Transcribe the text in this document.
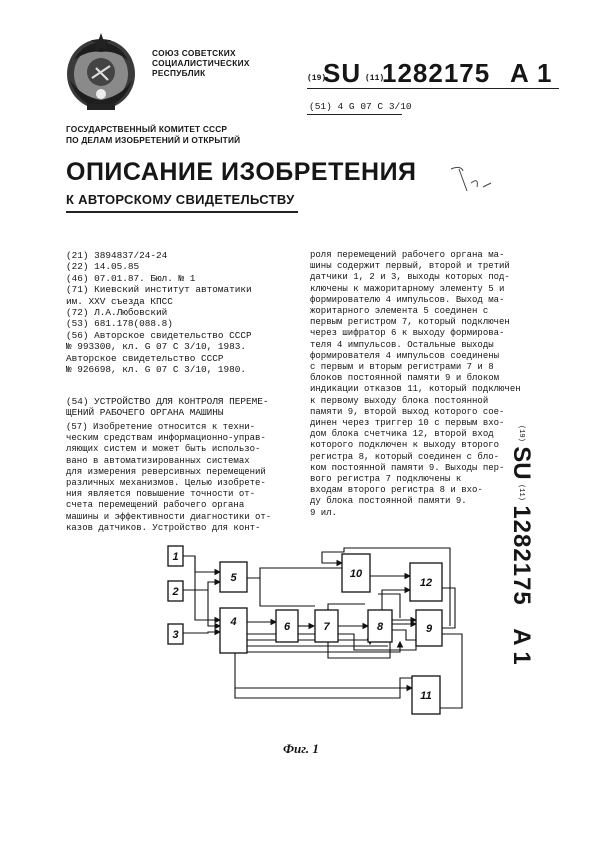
СОЮЗ СОВЕТСКИХ
СОЦИАЛИСТИЧЕСКИХ
РЕСПУБЛИК
(19)
SU (11)
1282175 A 1
(51) 4 G 07 C 3/10
ГОСУДАРСТВЕННЫЙ КОМИТЕТ СССР
ПО ДЕЛАМ ИЗОБРЕТЕНИЙ И ОТКРЫТИЙ
ОПИСАНИЕ ИЗОБРЕТЕНИЯ
К АВТОРСКОМУ СВИДЕТЕЛЬСТВУ
(21) 3894837/24-24
(22) 14.05.85
(46) 07.01.87. Бюл. № 1
(71) Киевский институт автоматики
им. XXV съезда КПСС
(72) Л.А.Любовский
(53) 681.178(088.8)
(56) Авторское свидетельство СССР
№ 993300, кл. G 07 C 3/10, 1983.
Авторское свидетельство СССР
№ 926698, кл. G 07 C 3/10, 1980.
(54) УСТРОЙСТВО ДЛЯ КОНТРОЛЯ ПЕРЕМЕ-
ЩЕНИЙ РАБОЧЕГО ОРГАНА МАШИНЫ
(57) Изобретение относится к техни-
ческим средствам информационно-управ-
ляющих систем и может быть использо-
вано в автоматизированных системах
для измерения реверсивных перемещений
различных механизмов. Целью изобрете-
ния является повышение точности от-
счета перемещений рабочего органа
машины и эффективности диагностики от-
казов датчиков. Устройство для конт-
роля перемещений рабочего органа ма-
шины содержит первый, второй и третий
датчики 1, 2 и 3, выходы которых под-
ключены к мажоритарному элементу 5 и
формирователю 4 импульсов. Выход ма-
жоритарного элемента 5 соединен с
первым регистром 7, который подключен
через шифратор 6 к выходу формировa-
теля 4 импульсов. Остальные выходы
формирователя 4 импульсов соединены
с первым и вторым регистрами 7 и 8
блоков постоянной памяти 9 и блоком
индикации отказов 11, который подключен
к первому выходу блока постоянной
памяти 9, второй выход которого сое-
динен через триггер 10 с первым вхо-
дом блока счетчика 12, второй вход
которого подключен к выходу второго
регистра 8, который соединен с бло-
ком постоянной памяти 9. Выходы пер-
вого регистра 7 подключены к
входам второго регистра 8 и вхо-
ду блока постоянной памяти 9.
9 ил.
$^{(19)}$ SU $^{(11)}$ 1282175 A 1
1
2
3
4
5
6	7	8	9
10
11
12
Фиг. 1
